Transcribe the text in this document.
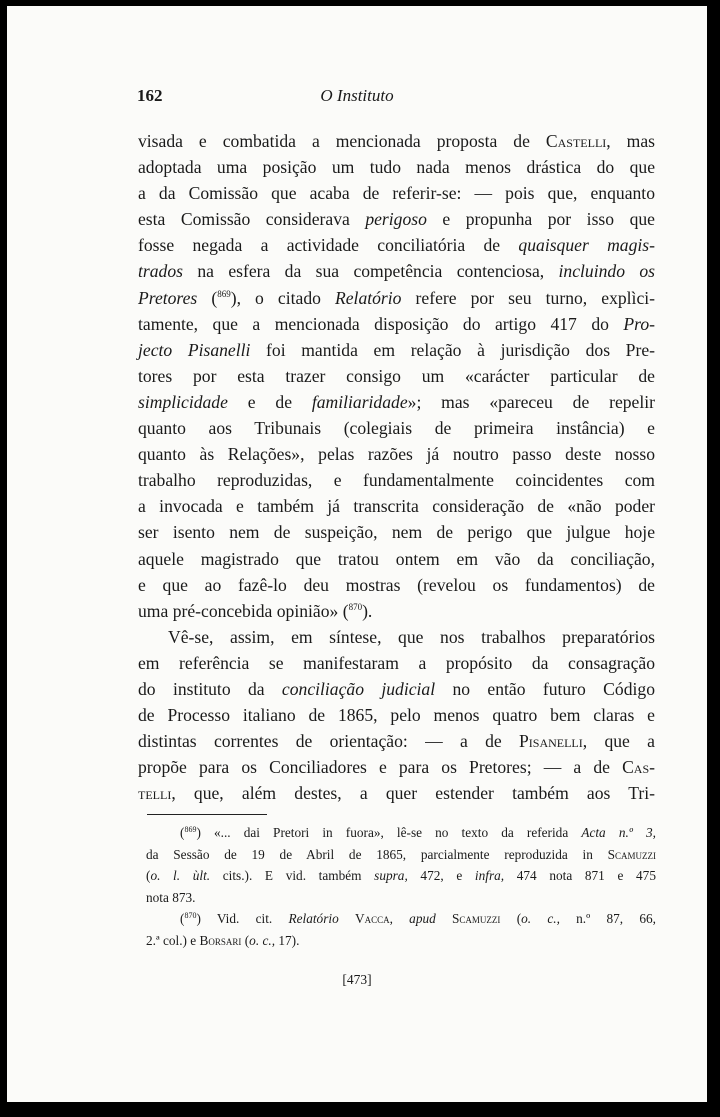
162	O Instituto
visada e combatida a mencionada proposta de Castelli, mas
adoptada uma posição um tudo nada menos drástica do que
a da Comissão que acaba de referir-se: — pois que, enquanto
esta Comissão considerava perigoso e propunha por isso que
fosse negada a actividade conciliatória de quaisquer magis-
trados na esfera da sua competência contenciosa, incluindo os
Pretores ($^{869}$), o citado Relatório refere por seu turno, explìci-
tamente, que a mencionada disposição do artigo 417 do Pro-
jecto Pisanelli foi mantida em relação à jurisdição dos Pre-
tores por esta trazer consigo um «carácter particular de
simplicidade e de familiaridade»; mas «pareceu de repelir
quanto aos Tribunais (colegiais de primeira instância) e
quanto às Relações», pelas razões já noutro passo deste nosso
trabalho reproduzidas, e fundamentalmente coincidentes com
a invocada e também já transcrita consideração de «não poder
ser isento nem de suspeição, nem de perigo que julgue hoje
aquele magistrado que tratou ontem em vão da conciliação,
e que ao fazê-lo deu mostras (revelou os fundamentos) de
uma pré-concebida opinião» ($^{870}$).
Vê-se, assim, em síntese, que nos trabalhos preparatórios
em referência se manifestaram a propósito da consagração
do instituto da conciliação judicial no então futuro Código
de Processo italiano de 1865, pelo menos quatro bem claras e
distintas correntes de orientação: — a de Pisanelli, que a
propõe para os Conciliadores e para os Pretores; — a de Cas-
telli, que, além destes, a quer estender também aos Tri-
($^{869}$) «... dai Pretori in fuora», lê-se no texto da referida Acta n.º 3,
da Sessão de 19 de Abril de 1865, parcialmente reproduzida in Scamuzzi
(o. l. ùlt. cits.). E vid. também supra, 472, e infra, 474 nota 871 e 475
nota 873.
($^{870}$) Vid. cit. Relatório Vacca, apud Scamuzzi (o. c., n.º 87, 66,
2.ª col.) e Borsari (o. c., 17).
[473]
